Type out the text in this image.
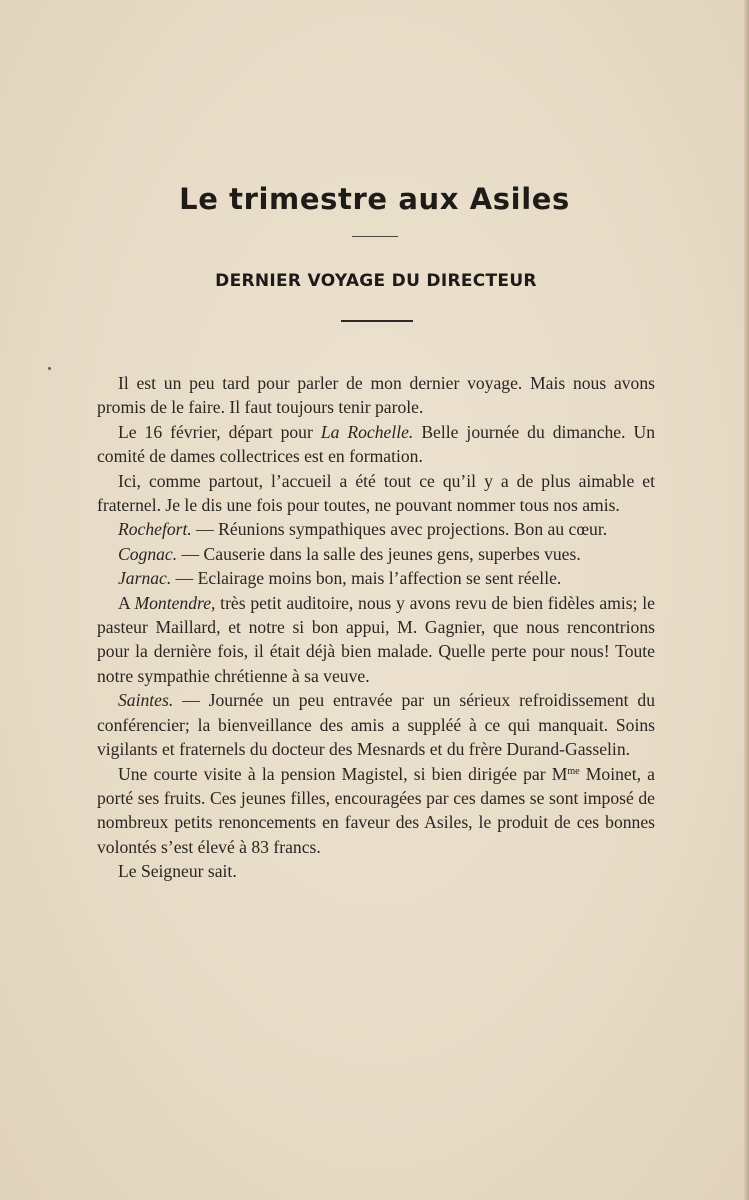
Le trimestre aux Asiles
DERNIER VOYAGE DU DIRECTEUR

Il est un peu tard pour parler de mon dernier voyage. Mais nous avons promis de le faire. Il faut toujours tenir parole.

Le 16 février, départ pour La Rochelle. Belle journée du dimanche. Un comité de dames collectrices est en formation.

Ici, comme partout, l’accueil a été tout ce qu’il y a de plus aimable et fraternel. Je le dis une fois pour toutes, ne pouvant nommer tous nos amis.

Rochefort. — Réunions sympathiques avec projections. Bon au cœur.

Cognac. — Causerie dans la salle des jeunes gens, superbes vues.

Jarnac. — Eclairage moins bon, mais l’affection se sent réelle.

A Montendre, très petit auditoire, nous y avons revu de bien fidèles amis; le pasteur Maillard, et notre si bon appui, M. Gagnier, que nous rencontrions pour la dernière fois, il était déjà bien malade. Quelle perte pour nous! Toute notre sympathie chrétienne à sa veuve.

Saintes. — Journée un peu entravée par un sérieux refroidissement du conférencier; la bienveillance des amis a suppléé à ce qui manquait. Soins vigilants et fraternels du docteur des Mesnards et du frère Durand-Gasselin.

Une courte visite à la pension Magistel, si bien dirigée par $M^{me}$ Moinet, a porté ses fruits. Ces jeunes filles, encouragées par ces dames se sont imposé de nombreux petits renoncements en faveur des Asiles, le produit de ces bonnes volontés s’est élevé à 83 francs.

Le Seigneur sait.
